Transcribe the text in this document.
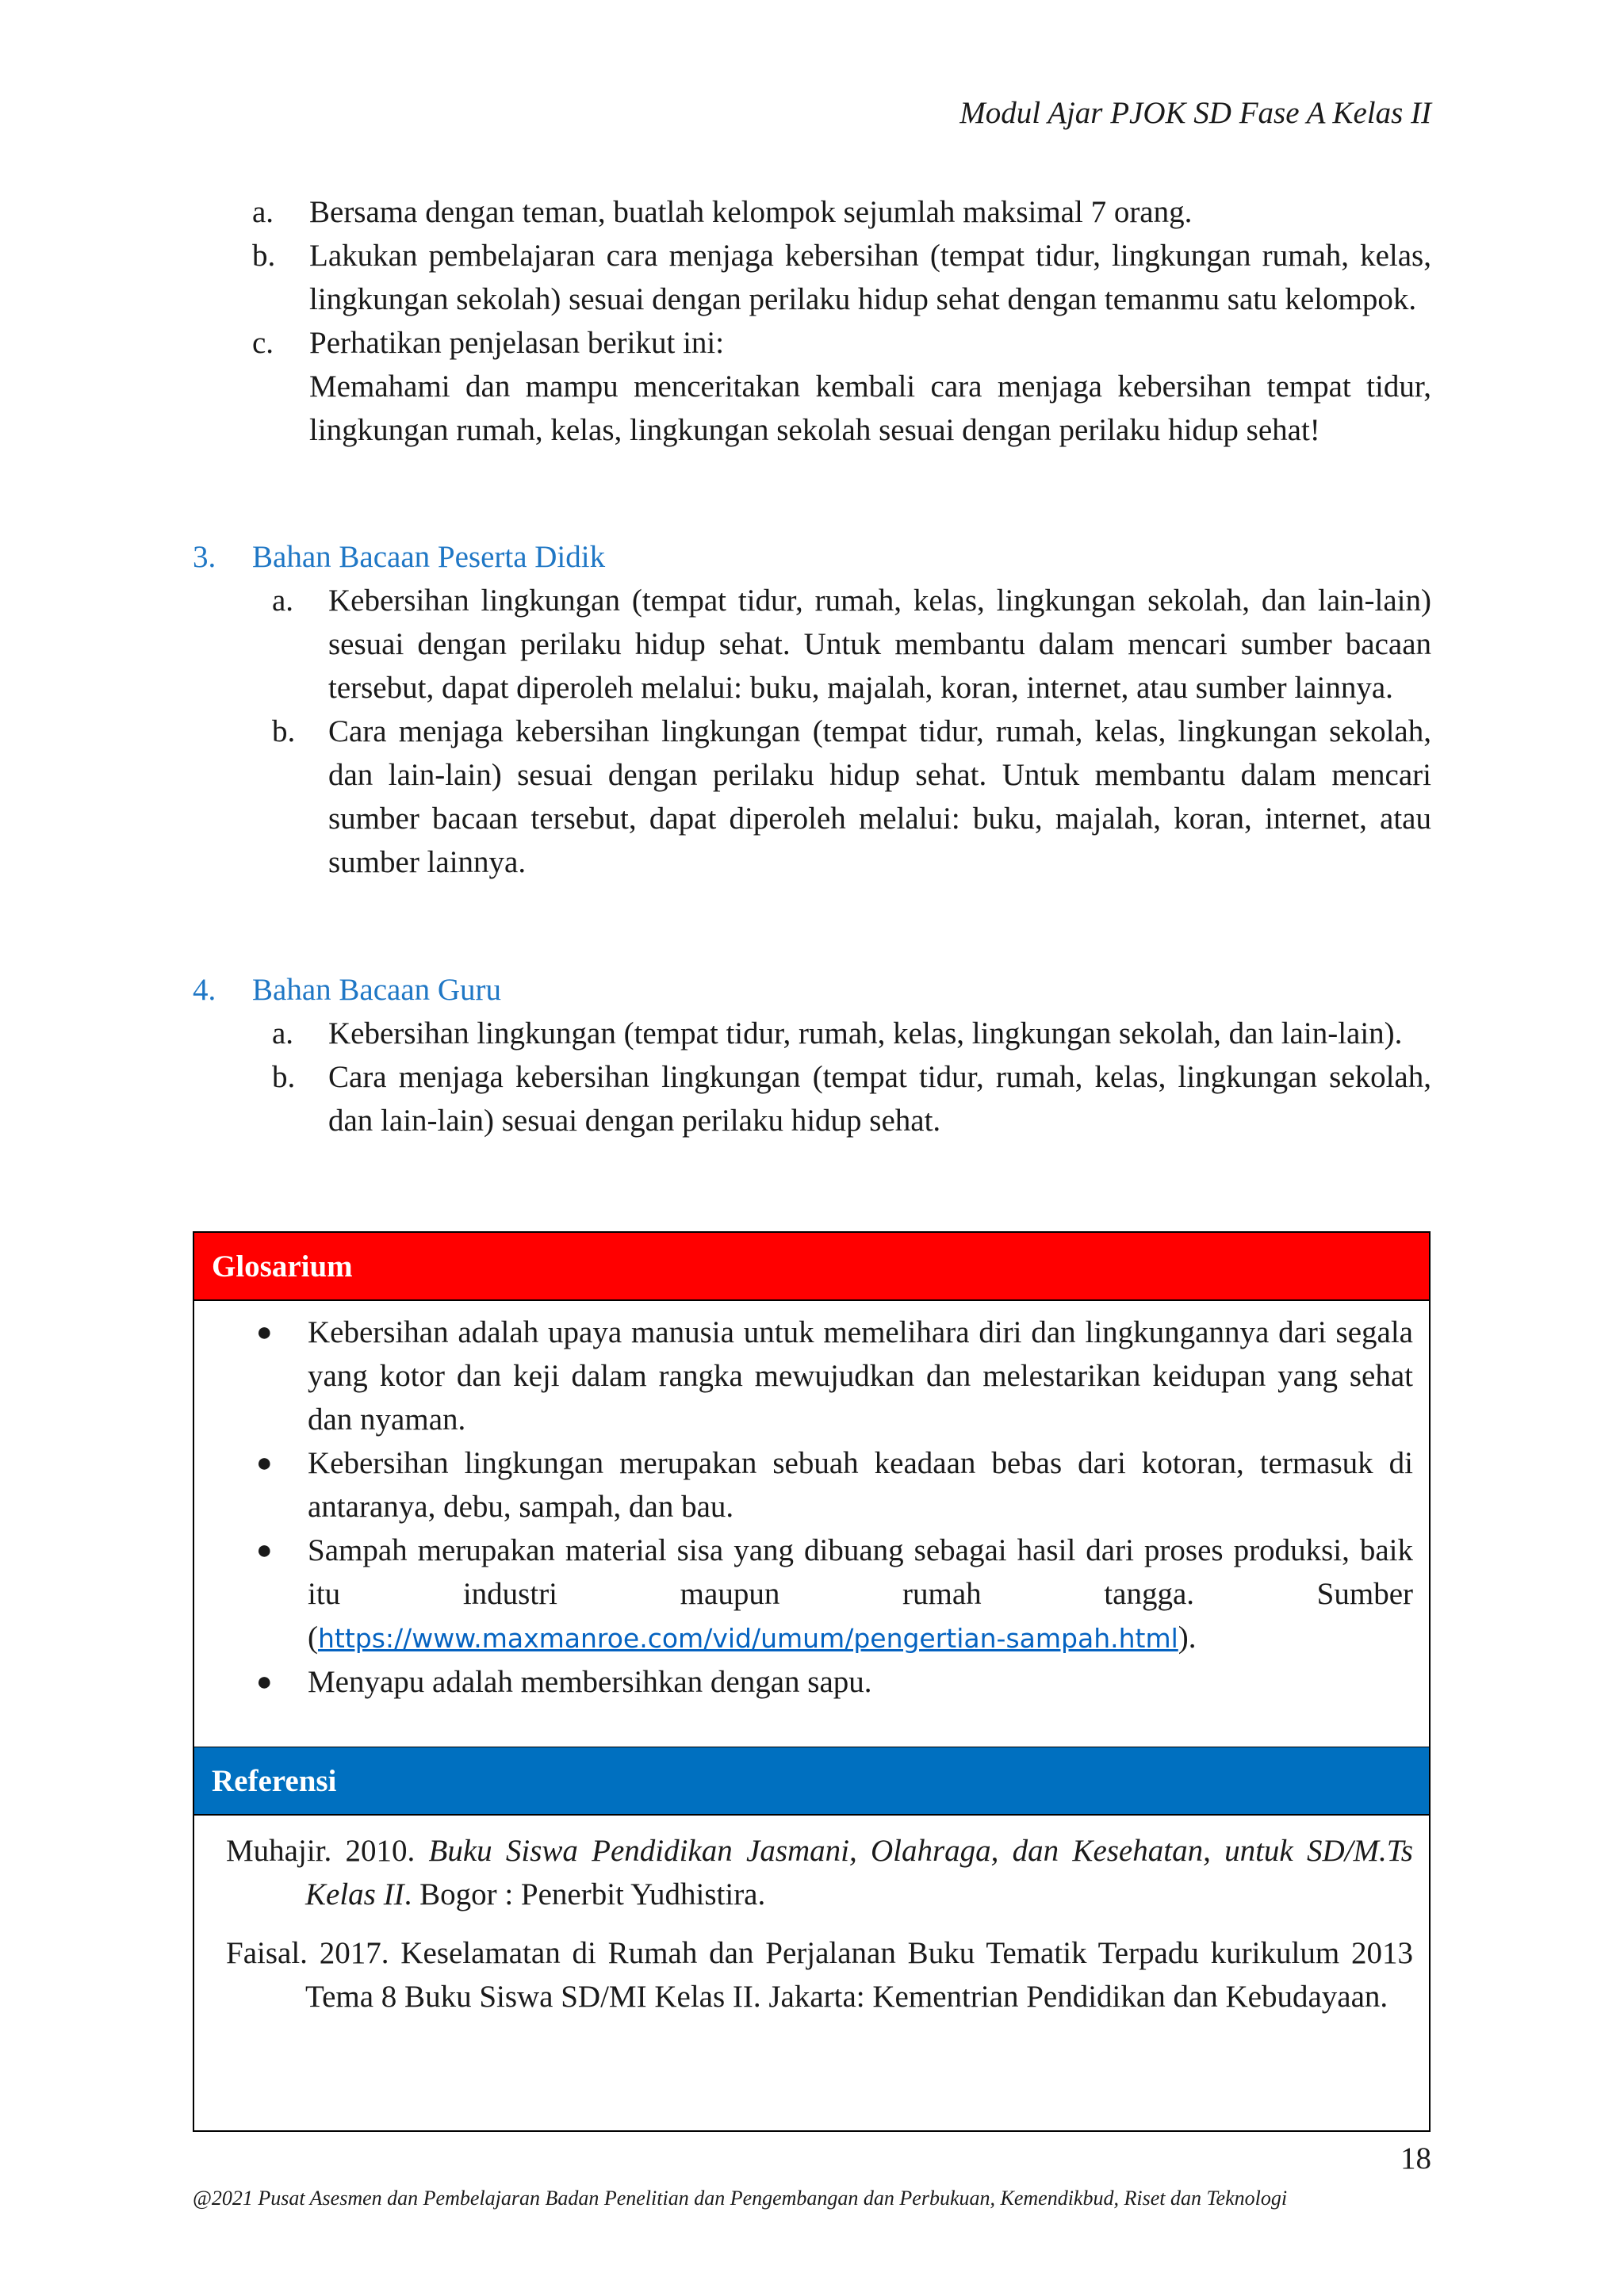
Modul Ajar PJOK SD Fase A Kelas II

a. Bersama dengan teman, buatlah kelompok sejumlah maksimal 7 orang.

b. Lakukan pembelajaran cara menjaga kebersihan (tempat tidur, lingkungan rumah, kelas, lingkungan sekolah) sesuai dengan perilaku hidup sehat dengan temanmu satu kelompok.

c. Perhatikan penjelasan berikut ini:
Memahami dan mampu menceritakan kembali cara menjaga kebersihan tempat tidur, lingkungan rumah, kelas, lingkungan sekolah sesuai dengan perilaku hidup sehat!

3. Bahan Bacaan Peserta Didik

a. Kebersihan lingkungan (tempat tidur, rumah, kelas, lingkungan sekolah, dan lain-lain) sesuai dengan perilaku hidup sehat. Untuk membantu dalam mencari sumber bacaan tersebut, dapat diperoleh melalui: buku, majalah, koran, internet, atau sumber lainnya.

b. Cara menjaga kebersihan lingkungan (tempat tidur, rumah, kelas, lingkungan sekolah, dan lain-lain) sesuai dengan perilaku hidup sehat. Untuk membantu dalam mencari sumber bacaan tersebut, dapat diperoleh melalui: buku, majalah, koran, internet, atau sumber lainnya.

4. Bahan Bacaan Guru

a. Kebersihan lingkungan (tempat tidur, rumah, kelas, lingkungan sekolah, dan lain-lain).

b. Cara menjaga kebersihan lingkungan (tempat tidur, rumah, kelas, lingkungan sekolah, dan lain-lain) sesuai dengan perilaku hidup sehat.

Glosarium
● Kebersihan adalah upaya manusia untuk memelihara diri dan lingkungannya dari segala yang kotor dan keji dalam rangka mewujudkan dan melestarikan keidupan yang sehat dan nyaman.
● Kebersihan lingkungan merupakan sebuah keadaan bebas dari kotoran, termasuk di antaranya, debu, sampah, dan bau.
● Sampah merupakan material sisa yang dibuang sebagai hasil dari proses produksi, baik itu industri maupun rumah tangga. Sumber (https://www.maxmanroe.com/vid/umum/pengertian-sampah.html).
● Menyapu adalah membersihkan dengan sapu.
Referensi

Muhajir. 2010. Buku Siswa Pendidikan Jasmani, Olahraga, dan Kesehatan, untuk SD/M.Ts Kelas II. Bogor : Penerbit Yudhistira.

Faisal. 2017. Keselamatan di Rumah dan Perjalanan Buku Tematik Terpadu kurikulum 2013 Tema 8 Buku Siswa SD/MI Kelas II. Jakarta: Kementrian Pendidikan dan Kebudayaan.

18
@2021 Pusat Asesmen dan Pembelajaran Badan Penelitian dan Pengembangan dan Perbukuan, Kemendikbud, Riset dan Teknologi
